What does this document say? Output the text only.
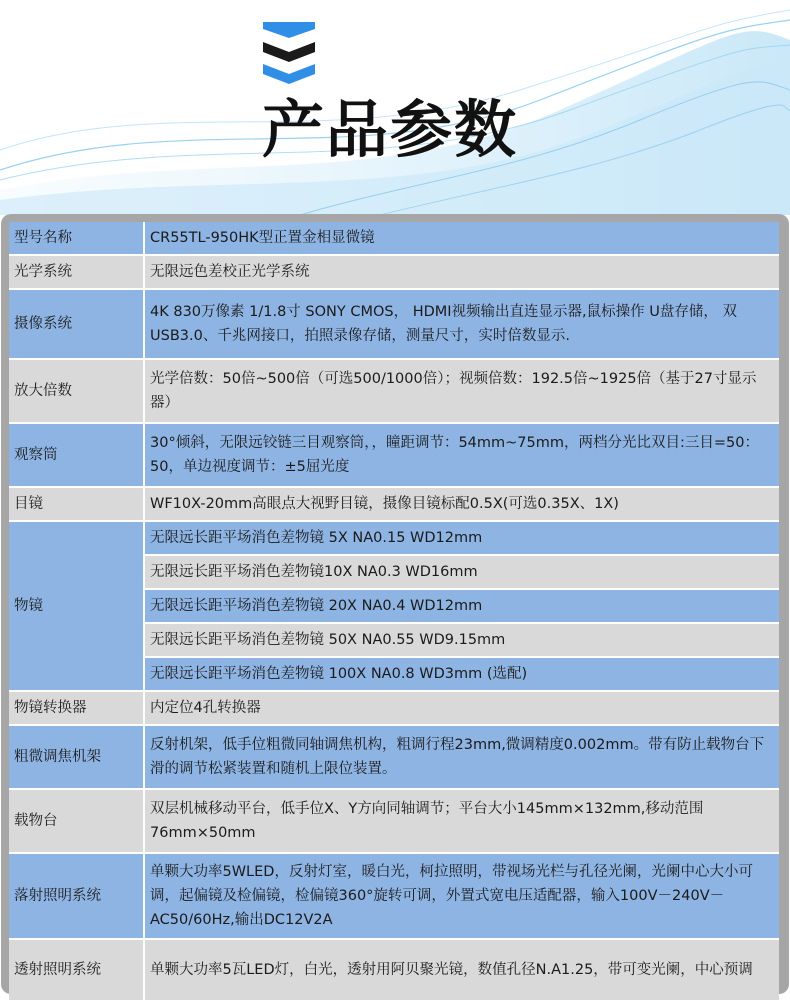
产品参数
型号名称	CR55TL-950HK型正置金相显微镜
光学系统	无限远色差校正光学系统
摄像系统	4K 830万像素 1/1.8寸 SONY CMOS， HDMI视频输出直连显示器,鼠标操作 U盘存储， 双USB3.0、千兆网接口，拍照录像存储，测量尺寸，实时倍数显示.
放大倍数	光学倍数：50倍~500倍（可选500/1000倍）；视频倍数：192.5倍~1925倍（基于27寸显示器）
观察筒	30°倾斜，无限远铰链三目观察筒，，瞳距调节：54mm~75mm，两档分光比双目:三目=50：50，单边视度调节：±5屈光度
目镜	WF10X-20mm高眼点大视野目镜，摄像目镜标配0.5X(可选0.35X、1X)
物镜	无限远长距平场消色差物镜 5X NA0.15 WD12mm
	无限远长距平场消色差物镜10X NA0.3 WD16mm
	无限远长距平场消色差物镜 20X NA0.4 WD12mm
	无限远长距平场消色差物镜 50X NA0.55 WD9.15mm
	无限远长距平场消色差物镜 100X NA0.8 WD3mm (选配)
物镜转换器	内定位4孔转换器
粗微调焦机架	反射机架，低手位粗微同轴调焦机构，粗调行程23mm,微调精度0.002mm。带有防止载物台下滑的调节松紧装置和随机上限位装置。
载物台	双层机械移动平台，低手位X、Y方向同轴调节；平台大小145mm×132mm,移动范围76mm×50mm
落射照明系统	单颗大功率5WLED，反射灯室，暖白光，柯拉照明，带视场光栏与孔径光阑，光阑中心大小可调，起偏镜及检偏镜，检偏镜360°旋转可调，外置式宽电压适配器，输入100V－240V－AC50/60Hz,输出DC12V2A
透射照明系统	单颗大功率5瓦LED灯，白光，透射用阿贝聚光镜，数值孔径N.A1.25，带可变光阑，中心预调
